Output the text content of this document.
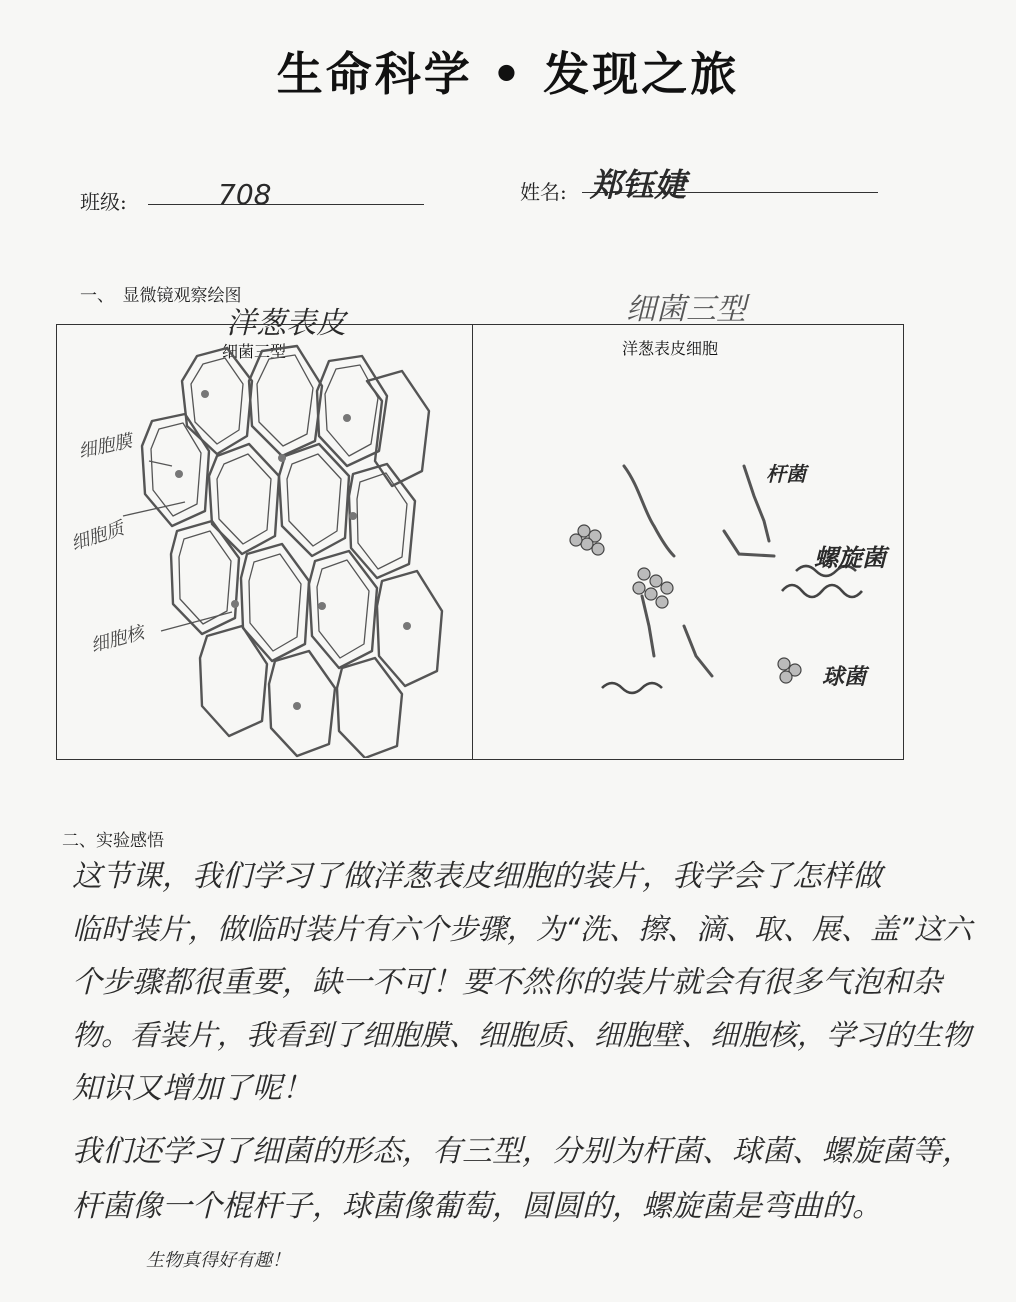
生命科学 • 发现之旅
班级:	708	姓名: 郑钰婕
一、　显微镜观察绘图
洋葱表皮	细菌三型
细菌三型	洋葱表皮细胞
细胞膜
细胞质
细胞核
杆菌
螺旋菌
球菌
二、实验感悟
这节课，我们学习了做洋葱表皮细胞的装片，我学会了怎样做
临时装片，做临时装片有六个步骤，为“洗、擦、滴、取、展、盖”这六
个步骤都很重要，缺一不可！要不然你的装片就会有很多气泡和杂
物。看装片，我看到了细胞膜、细胞质、细胞壁、细胞核，学习的生物
知识又增加了呢！
我们还学习了细菌的形态，有三型，分别为杆菌、球菌、螺旋菌等，
杆菌像一个棍杆子，球菌像葡萄，圆圆的，螺旋菌是弯曲的。
生物真得好有趣！
